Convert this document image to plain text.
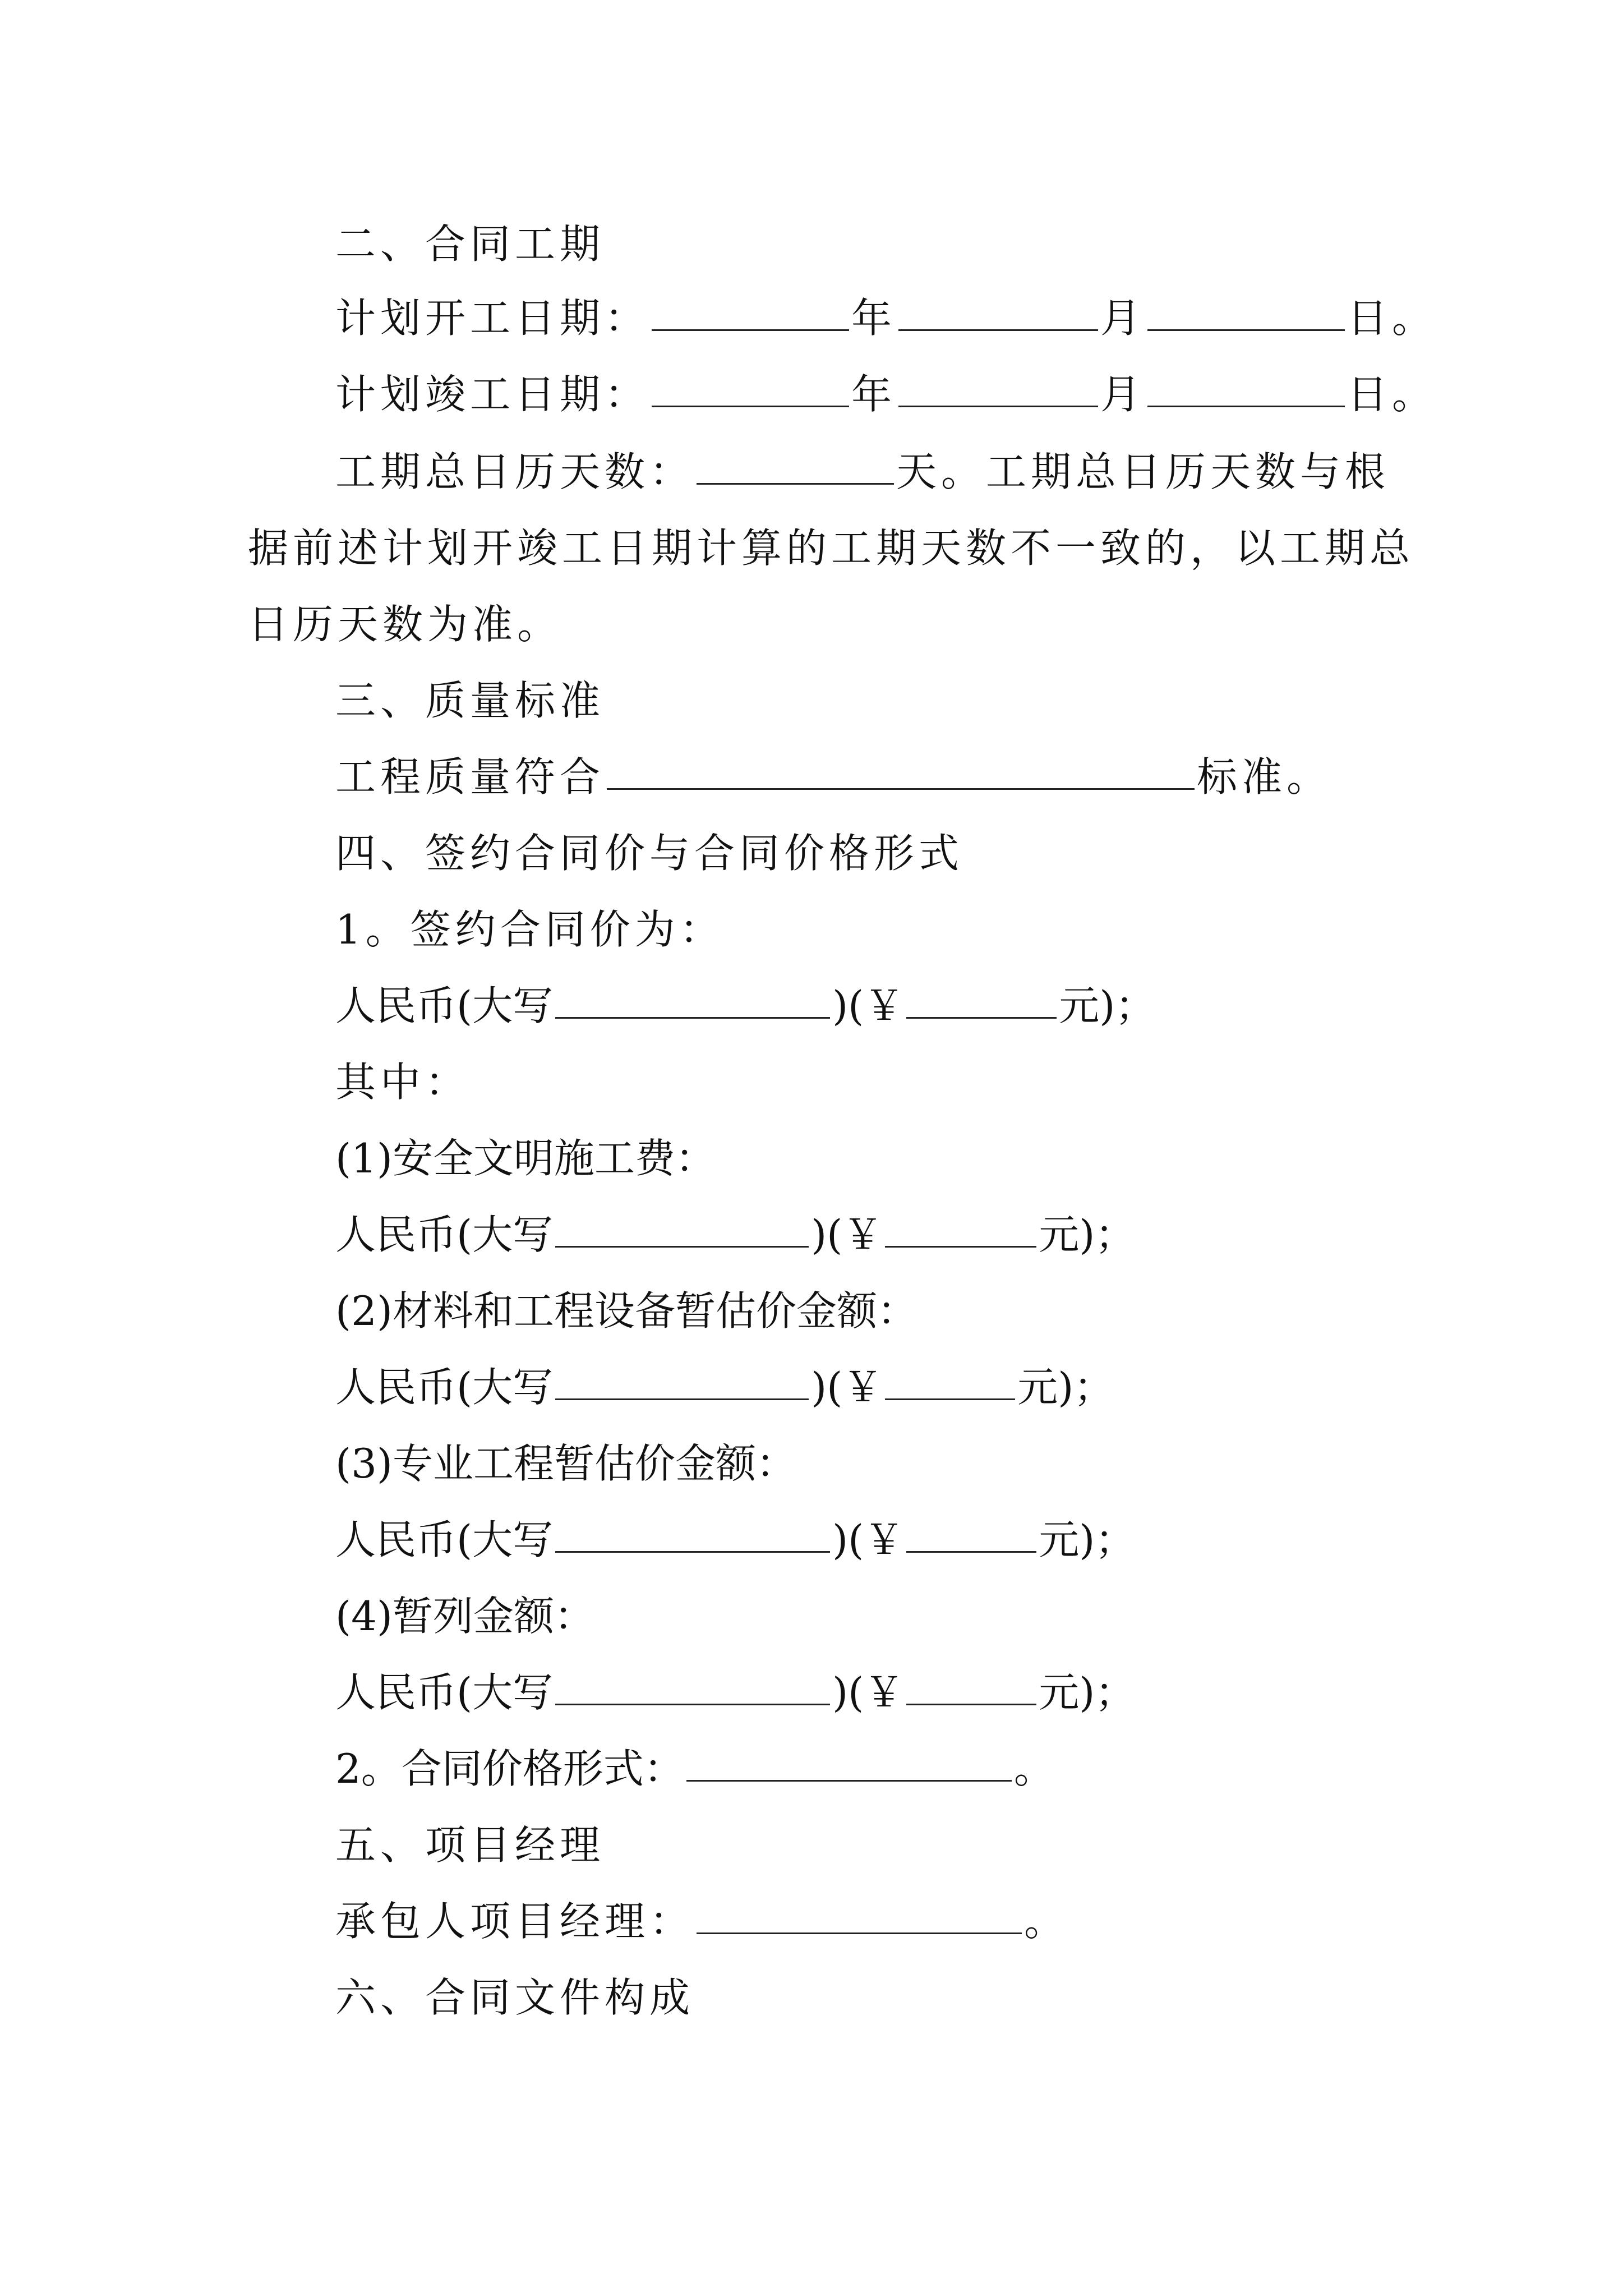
二、合同工期
计划开工日期：	年	月	日。
计划竣工日期：	年	月	日。
工期总日历天数：	天。工期总日历天数与根
据前述计划开竣工日期计算的工期天数不一致的，以工期总
日历天数为准。
三、质量标准
工程质量符合	标准。
四、签约合同价与合同价格形式
1。签约合同价为：
人民币(大写	)(￥	元)；
其中：
(1)安全文明施工费：
人民币(大写	)(￥	元)；
(2)材料和工程设备暂估价金额：
人民币(大写	)(￥	元)；
(3)专业工程暂估价金额：
人民币(大写	)(￥	元)；
(4)暂列金额：
人民币(大写	)(￥	元)；
2。合同价格形式：	。
五、项目经理
承包人项目经理：	。
六、合同文件构成
